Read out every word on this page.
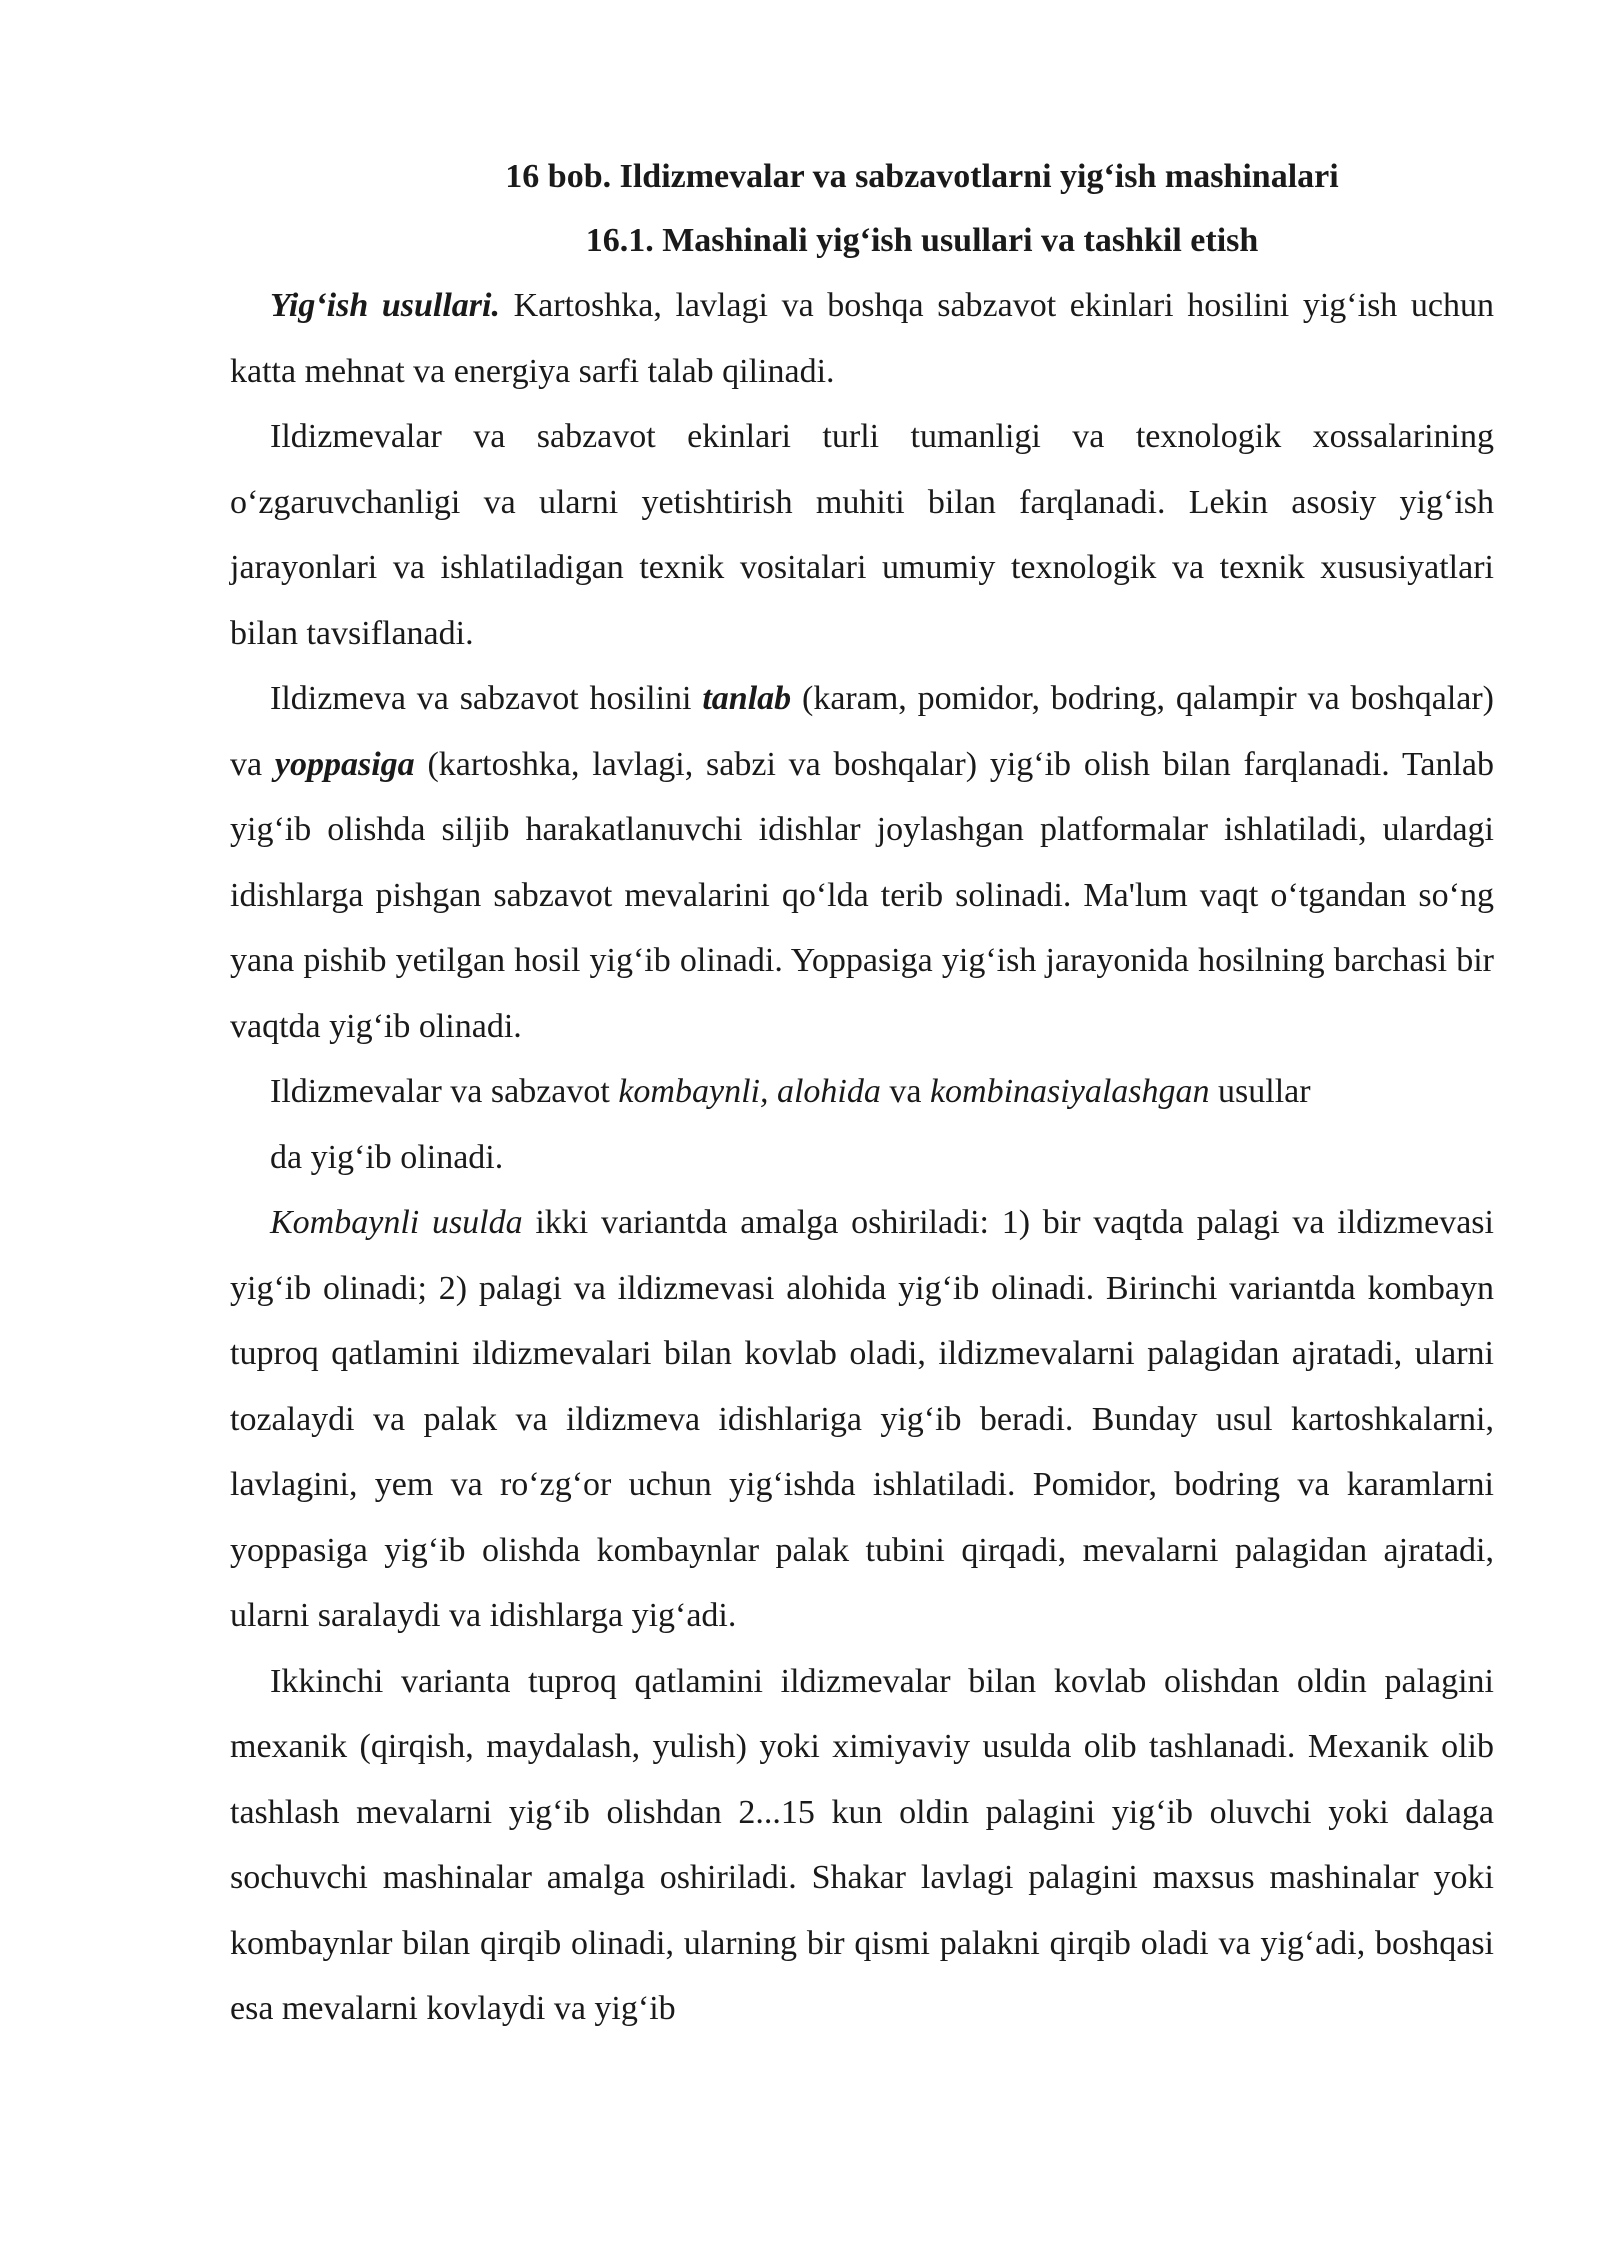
16 bob. Ildizmevalar va sabzavotlarni yig‘ish mashinalari
16.1. Mashinali yig‘ish usullari va tashkil etish

Yig‘ish usullari. Kartoshka, lavlagi va boshqa sabzavot ekinlari hosilini yig‘ish uchun katta mehnat va energiya sarfi talab qilinadi.

Ildizmevalar va sabzavot ekinlari turli tumanligi va texnologik xossalarining o‘zgaruvchanligi va ularni yetishtirish muhiti bilan farqlanadi. Lekin asosiy yig‘ish jarayonlari va ishlatiladigan texnik vositalari umumiy texnologik va texnik xususiyatlari bilan tavsiflanadi.

Ildizmeva va sabzavot hosilini tanlab (karam, pomidor, bodring, qalampir va boshqalar) va yoppasiga (kartoshka, lavlagi, sabzi va boshqalar) yig‘ib olish bilan farqlanadi. Tanlab yig‘ib olishda siljib harakatlanuvchi idishlar joylashgan platformalar ishlatiladi, ulardagi idishlarga pishgan sabzavot mevalarini qo‘lda terib solinadi. Ma'lum vaqt o‘tgandan so‘ng yana pishib yetilgan hosil yig‘ib olinadi. Yoppasiga yig‘ish jarayonida hosilning barchasi bir vaqtda yig‘ib olinadi.

Ildizmevalar va sabzavot kombaynli, alohida va kombinasiyalashgan usullar
da yig‘ib olinadi.

Kombaynli usulda ikki variantda amalga oshiriladi: 1) bir vaqtda palagi va ildizmevasi yig‘ib olinadi; 2) palagi va ildizmevasi alohida yig‘ib olinadi. Birinchi variantda kombayn tuproq qatlamini ildizmevalari bilan kovlab oladi, ildizmevalarni palagidan ajratadi, ularni tozalaydi va palak va ildizmeva idishlariga yig‘ib beradi. Bunday usul kartoshkalarni, lavlagini, yem va ro‘zg‘or uchun yig‘ishda ishlatiladi. Pomidor, bodring va karamlarni yoppasiga yig‘ib olishda kombaynlar palak tubini qirqadi, mevalarni palagidan ajratadi, ularni saralaydi va idishlarga yig‘adi.

Ikkinchi varianta tuproq qatlamini ildizmevalar bilan kovlab olishdan oldin palagini mexanik (qirqish, maydalash, yulish) yoki ximiyaviy usulda olib tashlanadi. Mexanik olib tashlash mevalarni yig‘ib olishdan 2...15 kun oldin palagini yig‘ib oluvchi yoki dalaga sochuvchi mashinalar amalga oshiriladi. Shakar lavlagi palagini maxsus mashinalar yoki kombaynlar bilan qirqib olinadi, ularning bir qismi palakni qirqib oladi va yig‘adi, boshqasi esa mevalarni kovlaydi va yig‘ib
